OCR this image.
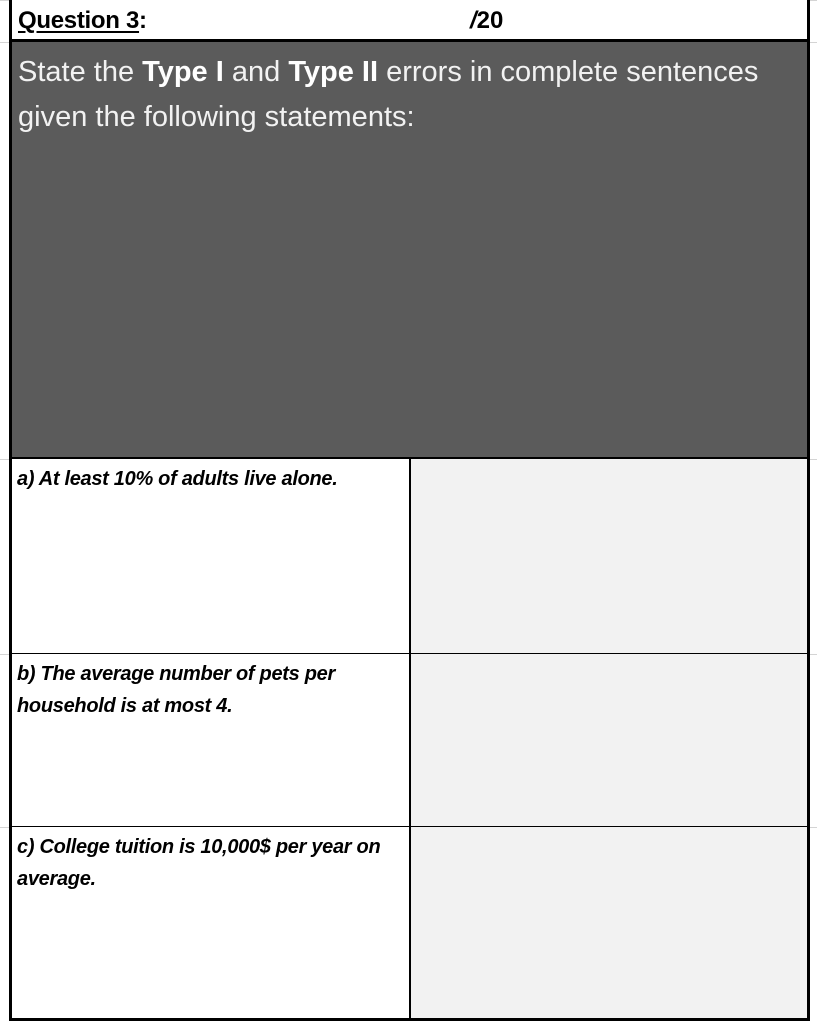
Question 3:	/20
State the Type I and Type II errors in complete sentences given the following statements:
a) At least 10% of adults live alone.
b) The average number of pets per household is at most 4.
c) College tuition is 10,000$ per year on average.
